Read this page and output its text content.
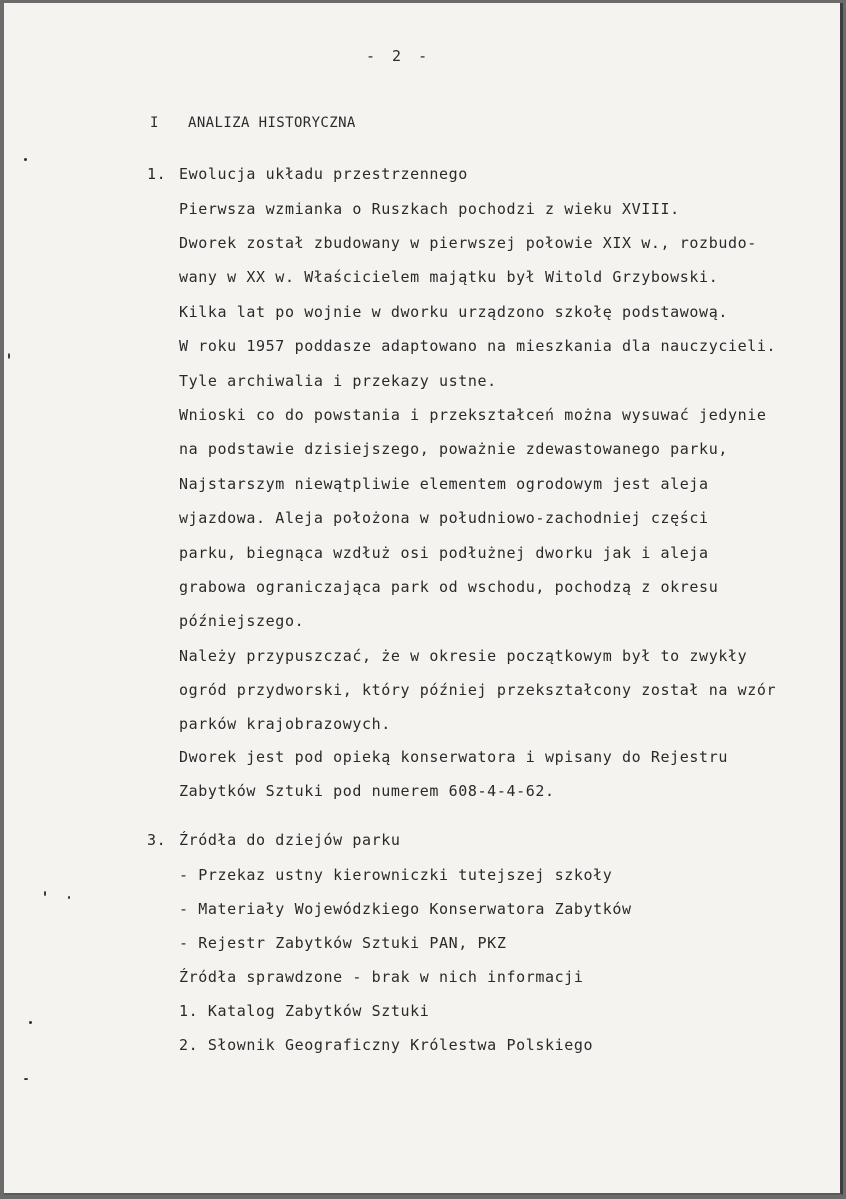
- 2 -
I ANALIZA HISTORYCZNA
1. Ewolucja układu przestrzennego
Pierwsza wzmianka o Ruszkach pochodzi z wieku XVIII.
Dworek został zbudowany w pierwszej połowie XIX w., rozbudo-
wany w XX w. Właścicielem majątku był Witold Grzybowski.
Kilka lat po wojnie w dworku urządzono szkołę podstawową.
W roku 1957 poddasze adaptowano na mieszkania dla nauczycieli.
Tyle archiwalia i przekazy ustne.
Wnioski co do powstania i przekształceń można wysuwać jedynie
na podstawie dzisiejszego, poważnie zdewastowanego parku,
Najstarszym niewątpliwie elementem ogrodowym jest aleja
wjazdowa. Aleja położona w południowo-zachodniej części
parku, biegnąca wzdłuż osi podłużnej dworku jak i aleja
grabowa ograniczająca park od wschodu, pochodzą z okresu
późniejszego.
Należy przypuszczać, że w okresie początkowym był to zwykły
ogród przydworski, który później przekształcony został na wzór
parków krajobrazowych.
Dworek jest pod opieką konserwatora i wpisany do Rejestru
Zabytków Sztuki pod numerem 608-4-4-62.
3. Źródła do dziejów parku
- Przekaz ustny kierowniczki tutejszej szkoły
- Materiały Wojewódzkiego Konserwatora Zabytków
- Rejestr Zabytków Sztuki PAN, PKZ
Źródła sprawdzone - brak w nich informacji
1. Katalog Zabytków Sztuki
2. Słownik Geograficzny Królestwa Polskiego
